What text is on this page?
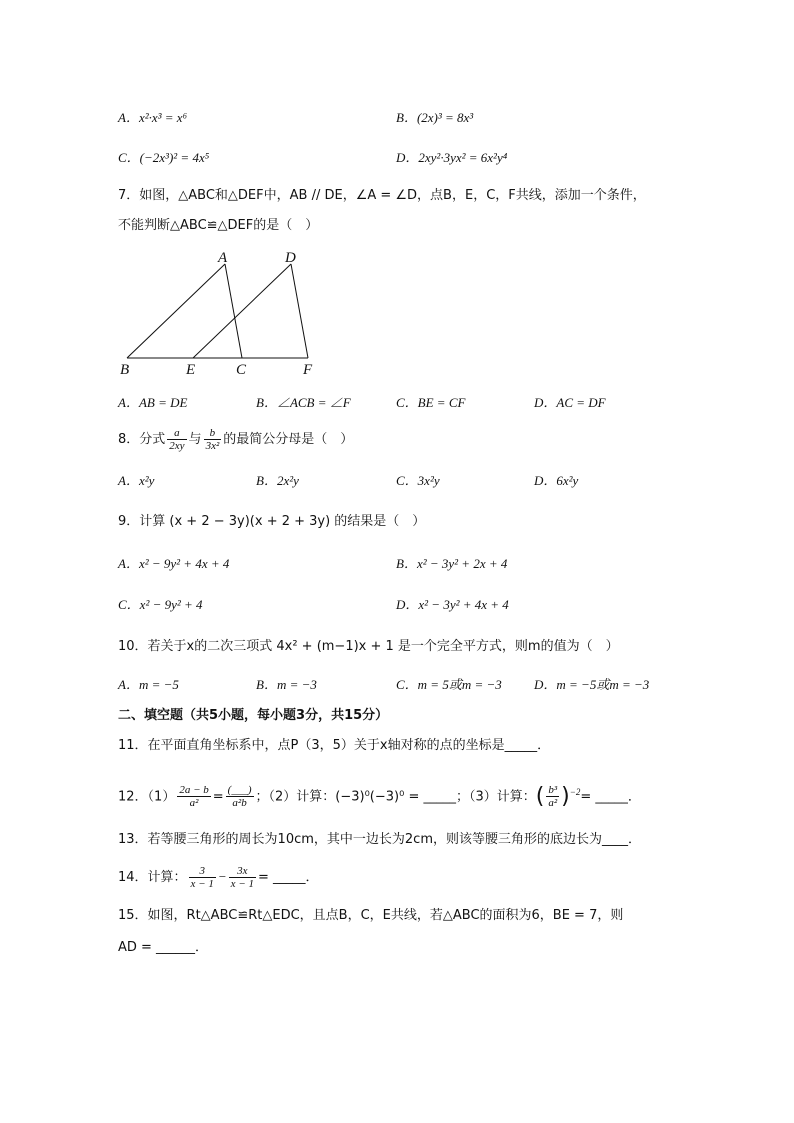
A．x²·x³ = x⁶	B．(2x)³ = 8x³
C．(−2x³)² = 4x⁵	D．2xy²·3yx² = 6x²y⁴
7．如图，△ABC和△DEF中，AB // DE，∠A = ∠D，点B，E，C，F共线，添加一个条件，
不能判断△ABC≌△DEF的是（　）
A	D
B	E	C	F
A．AB = DE	B．∠ACB = ∠F	C．BE = CF	D．AC = DF
8．分式 $\frac{a}{2xy}$ 与 $\frac{b}{\text{3x²}}$ 的最简公分母是（　）
A．x²y	B．2x²y	C．3x²y	D．6x²y
9．计算 (x + 2 − 3y)(x + 2 + 3y) 的结果是（　）
A．x² − 9y² + 4x + 4	B．x² − 3y² + 2x + 4
C．x² − 9y² + 4	D．x² − 3y² + 4x + 4
10．若关于x的二次三项式 4x² + (m−1)x + 1 是一个完全平方式，则m的值为（　）
A．m = −5	B．m = −3	C．m = 5或m = −3 D．m = −5或m = −3
二、填空题（共5小题，每小题3分，共15分）
11．在平面直角坐标系中，点P（3，5）关于x轴对称的点的坐标是_____．
12．$(1) \frac{2a - b}{\text{a²}} = \frac{(\_\_\_)}{\text{a²b}}$ ；（2）计算：(−3)⁰(−3)⁰ = _____；（3）计算：( $\frac{\text{b³}}{\text{a²}} )^{-2}=$ _____．
13．若等腰三角形的周长为10cm，其中一边长为2cm，则该等腰三角形的底边长为____．
14．计算： $\frac{3}{x - 1} - \frac{3x}{x - 1}$ = _____．
15．如图，Rt△ABC≌Rt△EDC，且点B，C，E共线，若△ABC的面积为6，BE = 7，则
AD = ______．
